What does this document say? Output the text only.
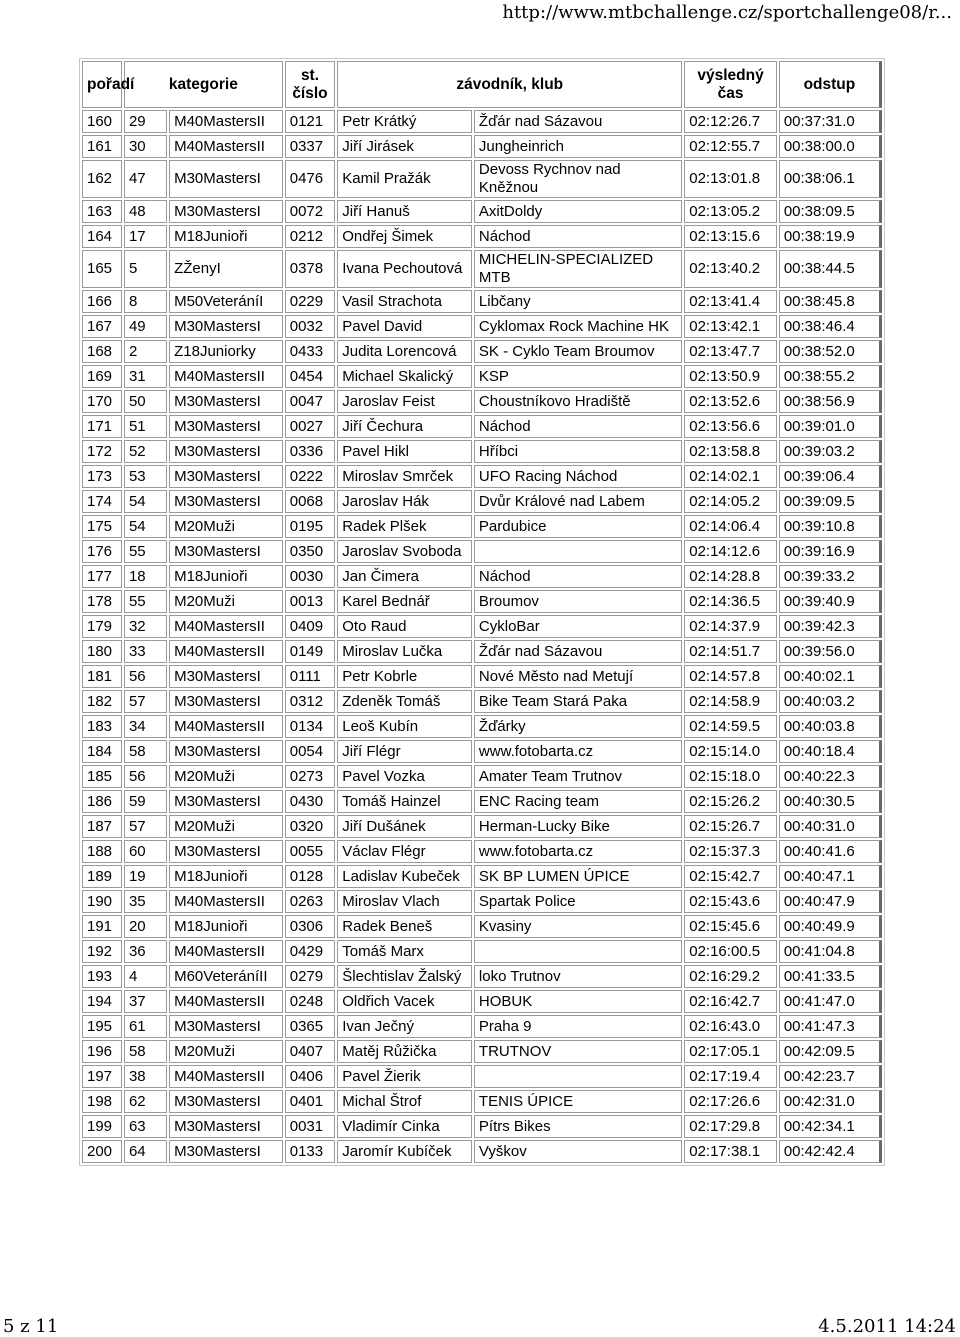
http://www.mtbchallenge.cz/sportchallenge08/r...
pořadí	kategorie		st. číslo	závodník, klub		výsledný čas	odstup
160	29	M40MastersII	0121	Petr Krátký	Žďár nad Sázavou	02:12:26.7	00:37:31.0
161	30	M40MastersII	0337	Jiří Jirásek	Jungheinrich	02:12:55.7	00:38:00.0
162	47	M30MastersI	0476	Kamil Pražák	Devoss Rychnov nad Kněžnou	02:13:01.8	00:38:06.1
163	48	M30MastersI	0072	Jiří Hanuš	AxitDoldy	02:13:05.2	00:38:09.5
164	17	M18Junioři	0212	Ondřej Šimek	Náchod	02:13:15.6	00:38:19.9
165	5	ZŽenyI	0378	Ivana Pechoutová	MICHELIN-SPECIALIZED MTB	02:13:40.2	00:38:44.5
166	8	M50VeteráníI	0229	Vasil Strachota	Libčany	02:13:41.4	00:38:45.8
167	49	M30MastersI	0032	Pavel David	Cyklomax Rock Machine HK	02:13:42.1	00:38:46.4
168	2	Z18Juniorky	0433	Judita Lorencová	SK - Cyklo Team Broumov	02:13:47.7	00:38:52.0
169	31	M40MastersII	0454	Michael Skalický	KSP	02:13:50.9	00:38:55.2
170	50	M30MastersI	0047	Jaroslav Feist	Choustníkovo Hradiště	02:13:52.6	00:38:56.9
171	51	M30MastersI	0027	Jiří Čechura	Náchod	02:13:56.6	00:39:01.0
172	52	M30MastersI	0336	Pavel Hikl	Hříbci	02:13:58.8	00:39:03.2
173	53	M30MastersI	0222	Miroslav Smrček	UFO Racing Náchod	02:14:02.1	00:39:06.4
174	54	M30MastersI	0068	Jaroslav Hák	Dvůr Králové nad Labem	02:14:05.2	00:39:09.5
175	54	M20Muži	0195	Radek Plšek	Pardubice	02:14:06.4	00:39:10.8
176	55	M30MastersI	0350	Jaroslav Svoboda		02:14:12.6	00:39:16.9
177	18	M18Junioři	0030	Jan Čimera	Náchod	02:14:28.8	00:39:33.2
178	55	M20Muži	0013	Karel Bednář	Broumov	02:14:36.5	00:39:40.9
179	32	M40MastersII	0409	Oto Raud	CykloBar	02:14:37.9	00:39:42.3
180	33	M40MastersII	0149	Miroslav Lučka	Žďár nad Sázavou	02:14:51.7	00:39:56.0
181	56	M30MastersI	0111	Petr Kobrle	Nové Město nad Metují	02:14:57.8	00:40:02.1
182	57	M30MastersI	0312	Zdeněk Tomáš	Bike Team Stará Paka	02:14:58.9	00:40:03.2
183	34	M40MastersII	0134	Leoš Kubín	Žďárky	02:14:59.5	00:40:03.8
184	58	M30MastersI	0054	Jiří Flégr	www.fotobarta.cz	02:15:14.0	00:40:18.4
185	56	M20Muži	0273	Pavel Vozka	Amater Team Trutnov	02:15:18.0	00:40:22.3
186	59	M30MastersI	0430	Tomáš Hainzel	ENC Racing team	02:15:26.2	00:40:30.5
187	57	M20Muži	0320	Jiří Dušánek	Herman-Lucky Bike	02:15:26.7	00:40:31.0
188	60	M30MastersI	0055	Václav Flégr	www.fotobarta.cz	02:15:37.3	00:40:41.6
189	19	M18Junioři	0128	Ladislav Kubeček	SK BP LUMEN ÚPICE	02:15:42.7	00:40:47.1
190	35	M40MastersII	0263	Miroslav Vlach	Spartak Police	02:15:43.6	00:40:47.9
191	20	M18Junioři	0306	Radek Beneš	Kvasiny	02:15:45.6	00:40:49.9
192	36	M40MastersII	0429	Tomáš Marx		02:16:00.5	00:41:04.8
193	4	M60VeteráníII	0279	Šlechtislav Žalský	loko Trutnov	02:16:29.2	00:41:33.5
194	37	M40MastersII	0248	Oldřich Vacek	HOBUK	02:16:42.7	00:41:47.0
195	61	M30MastersI	0365	Ivan Ječný	Praha 9	02:16:43.0	00:41:47.3
196	58	M20Muži	0407	Matěj Růžička	TRUTNOV	02:17:05.1	00:42:09.5
197	38	M40MastersII	0406	Pavel Žierik		02:17:19.4	00:42:23.7
198	62	M30MastersI	0401	Michal Štrof	TENIS ÚPICE	02:17:26.6	00:42:31.0
199	63	M30MastersI	0031	Vladimír Cinka	Pítrs Bikes	02:17:29.8	00:42:34.1
200	64	M30MastersI	0133	Jaromír Kubíček	Vyškov	02:17:38.1	00:42:42.4
5 z 11	4.5.2011 14:24
